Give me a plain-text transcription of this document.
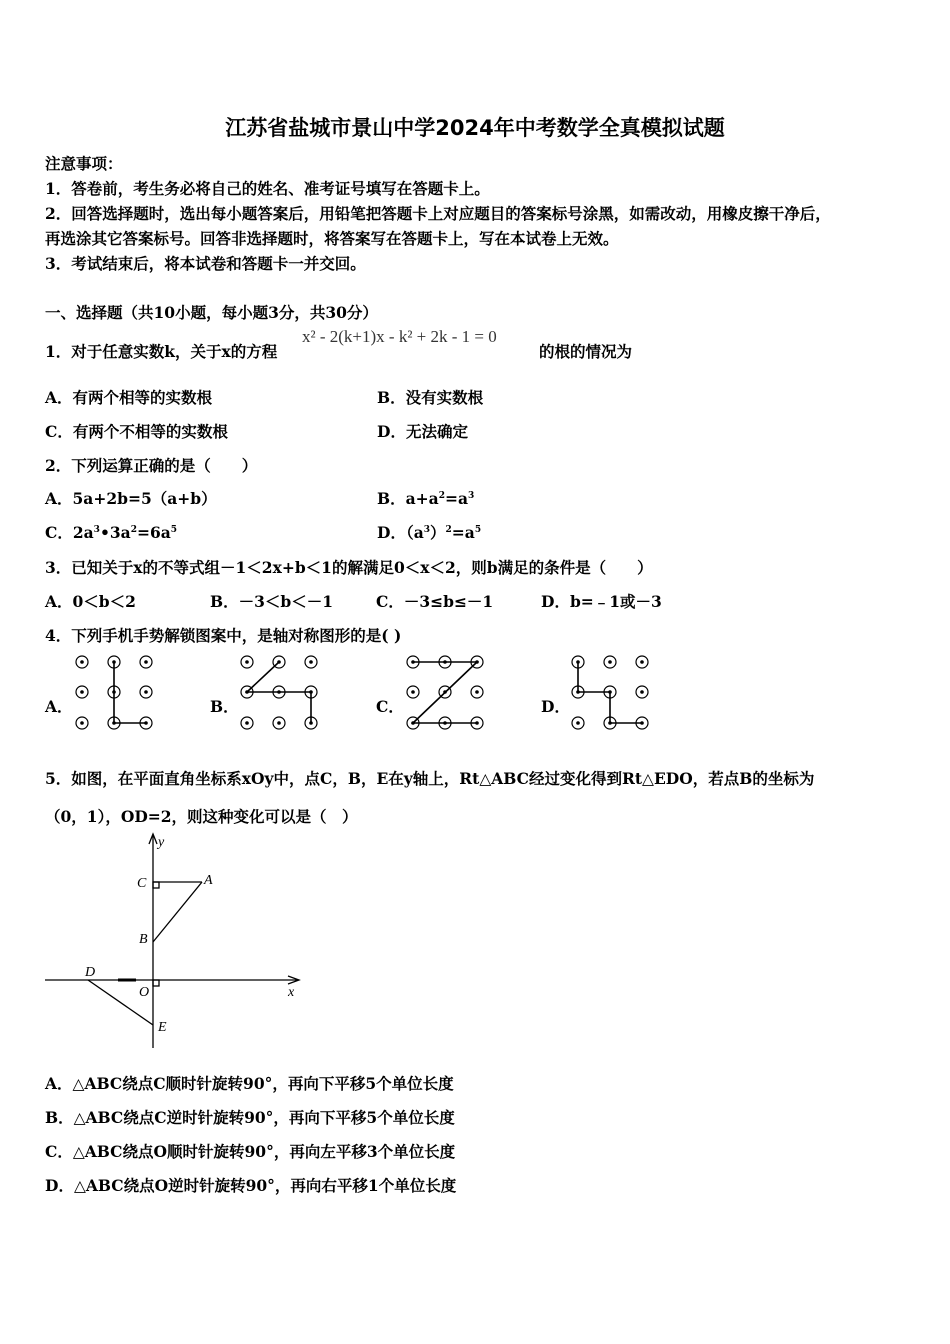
江苏省盐城市景山中学2024年中考数学全真模拟试题
注意事项：
1．答卷前，考生务必将自己的姓名、准考证号填写在答题卡上。
2．回答选择题时，选出每小题答案后，用铅笔把答题卡上对应题目的答案标号涂黑，如需改动，用橡皮擦干净后，
再选涂其它答案标号。回答非选择题时，将答案写在答题卡上，写在本试卷上无效。
3．考试结束后，将本试卷和答题卡一并交回。
一、选择题（共10小题，每小题3分，共30分）
1．对于任意实数k，关于x的方程
x² - 2(k+1)x - k² + 2k - 1 = 0
的根的情况为
A．有两个相等的实数根	B．没有实数根
C．有两个不相等的实数根	D．无法确定
2．下列运算正确的是（　　）
A．5a+2b=5（a+b）	B．$a+a^2=a^3$
C．$2a^3•3a^2=6a^5$	D．$(a^3)^2=a^5$
3．已知关于x的不等式组－1＜2x+b＜1的解满足0＜x＜2，则b满足的条件是（　　）
A．0＜b＜2	B．－3＜b＜－1	C．－3≤b≤－1	D．b=﹣1或－3
4．下列手机手势解锁图案中，是轴对称图形的是( )
A．	B．	C．	D．
5．如图，在平面直角坐标系xOy中，点C，B，E在y轴上，Rt△ABC经过变化得到Rt△EDO，若点B的坐标为
（0，1），OD=2，则这种变化可以是（　）
y
x
C	A
B
D
O
E
A．△ABC绕点C顺时针旋转90°，再向下平移5个单位长度
B．△ABC绕点C逆时针旋转90°，再向下平移5个单位长度
C．△ABC绕点O顺时针旋转90°，再向左平移3个单位长度
D．△ABC绕点O逆时针旋转90°，再向右平移1个单位长度
